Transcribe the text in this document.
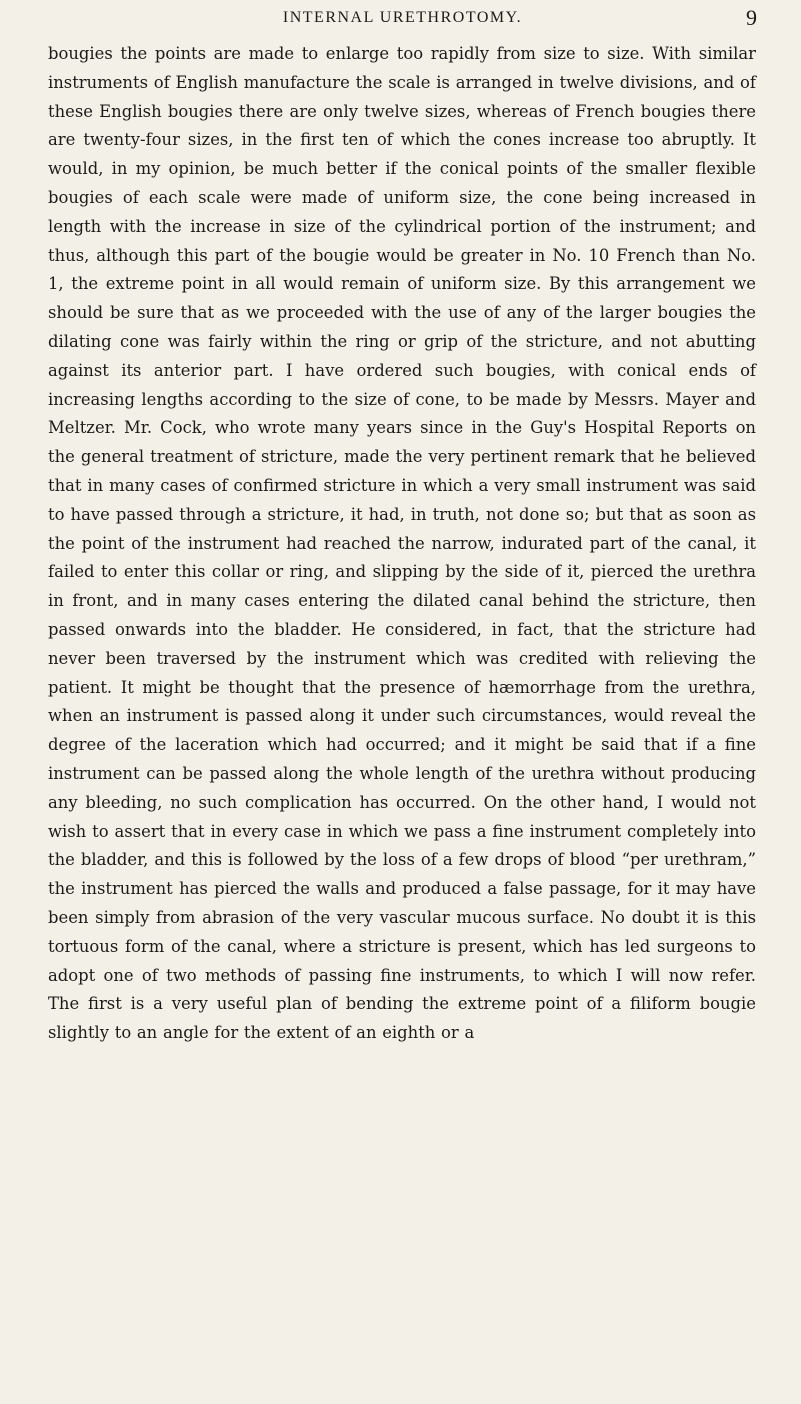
INTERNAL URETHROTOMY.	9

bougies the points are made to enlarge too rapidly from size to size. With similar instruments of English manufacture the scale is arranged in twelve divisions, and of these English bougies there are only twelve sizes, whereas of French bougies there are twenty-four sizes, in the first ten of which the cones increase too abruptly. It would, in my opinion, be much better if the conical points of the smaller flexible bougies of each scale were made of uniform size, the cone being increased in length with the increase in size of the cylindrical portion of the instrument; and thus, although this part of the bougie would be greater in No. 10 French than No. 1, the extreme point in all would remain of uniform size. By this arrangement we should be sure that as we proceeded with the use of any of the larger bougies the dilating cone was fairly within the ring or grip of the stricture, and not abutting against its anterior part. I have ordered such bougies, with conical ends of increasing lengths according to the size of cone, to be made by Messrs. Mayer and Meltzer. Mr. Cock, who wrote many years since in the Guy's Hospital Reports on the general treatment of stricture, made the very pertinent remark that he believed that in many cases of confirmed stricture in which a very small instrument was said to have passed through a stricture, it had, in truth, not done so; but that as soon as the point of the instrument had reached the narrow, indurated part of the canal, it failed to enter this collar or ring, and slipping by the side of it, pierced the urethra in front, and in many cases entering the dilated canal behind the stricture, then passed onwards into the bladder. He considered, in fact, that the stricture had never been traversed by the instrument which was credited with relieving the patient. It might be thought that the presence of hæmorrhage from the urethra, when an instrument is passed along it under such circumstances, would reveal the degree of the laceration which had occurred; and it might be said that if a fine instrument can be passed along the whole length of the urethra without producing any bleeding, no such complication has occurred. On the other hand, I would not wish to assert that in every case in which we pass a fine instrument completely into the bladder, and this is followed by the loss of a few drops of blood “per urethram,” the instrument has pierced the walls and produced a false passage, for it may have been simply from abrasion of the very vascular mucous surface. No doubt it is this tortuous form of the canal, where a stricture is present, which has led surgeons to adopt one of two methods of passing fine instruments, to which I will now refer. The first is a very useful plan of bending the extreme point of a filiform bougie slightly to an angle for the extent of an eighth or a
